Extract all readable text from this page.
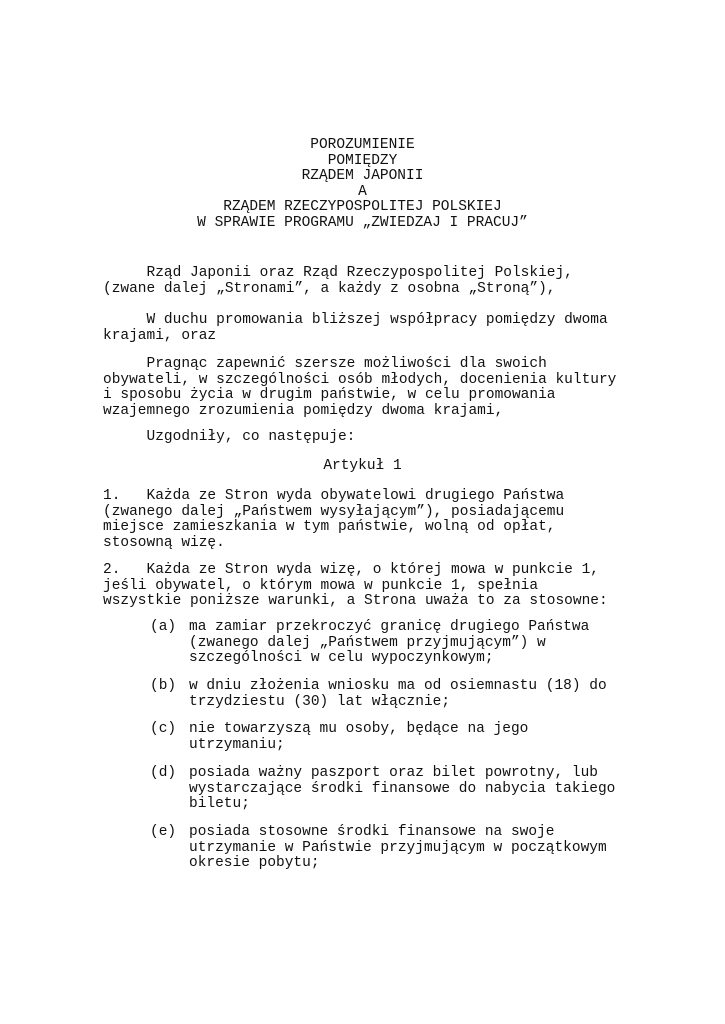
POROZUMIENIE
POMIĘDZY
RZĄDEM JAPONII
A
RZĄDEM RZECZYPOSPOLITEJ POLSKIEJ
W SPRAWIE PROGRAMU „ZWIEDZAJ I PRACUJ”
Rząd Japonii oraz Rząd Rzeczypospolitej Polskiej,
(zwane dalej „Stronami”, a każdy z osobna „Stroną”),
W duchu promowania bliższej współpracy pomiędzy dwoma
krajami, oraz
Pragnąc zapewnić szersze możliwości dla swoich
obywateli, w szczególności osób młodych, docenienia kultury
i sposobu życia w drugim państwie, w celu promowania
wzajemnego zrozumienia pomiędzy dwoma krajami,
Uzgodniły, co następuje:
Artykuł 1
1.   Każda ze Stron wyda obywatelowi drugiego Państwa
(zwanego dalej „Państwem wysyłającym”), posiadającemu
miejsce zamieszkania w tym państwie, wolną od opłat,
stosowną wizę.
2.   Każda ze Stron wyda wizę, o której mowa w punkcie 1,
jeśli obywatel, o którym mowa w punkcie 1, spełnia
wszystkie poniższe warunki, a Strona uważa to za stosowne:
(a) ma zamiar przekroczyć granicę drugiego Państwa
(zwanego dalej „Państwem przyjmującym”) w
szczególności w celu wypoczynkowym;
(b) w dniu złożenia wniosku ma od osiemnastu (18) do
trzydziestu (30) lat włącznie;
(c) nie towarzyszą mu osoby, będące na jego
utrzymaniu;
(d) posiada ważny paszport oraz bilet powrotny, lub
wystarczające środki finansowe do nabycia takiego
biletu;
(e) posiada stosowne środki finansowe na swoje
utrzymanie w Państwie przyjmującym w początkowym
okresie pobytu;
